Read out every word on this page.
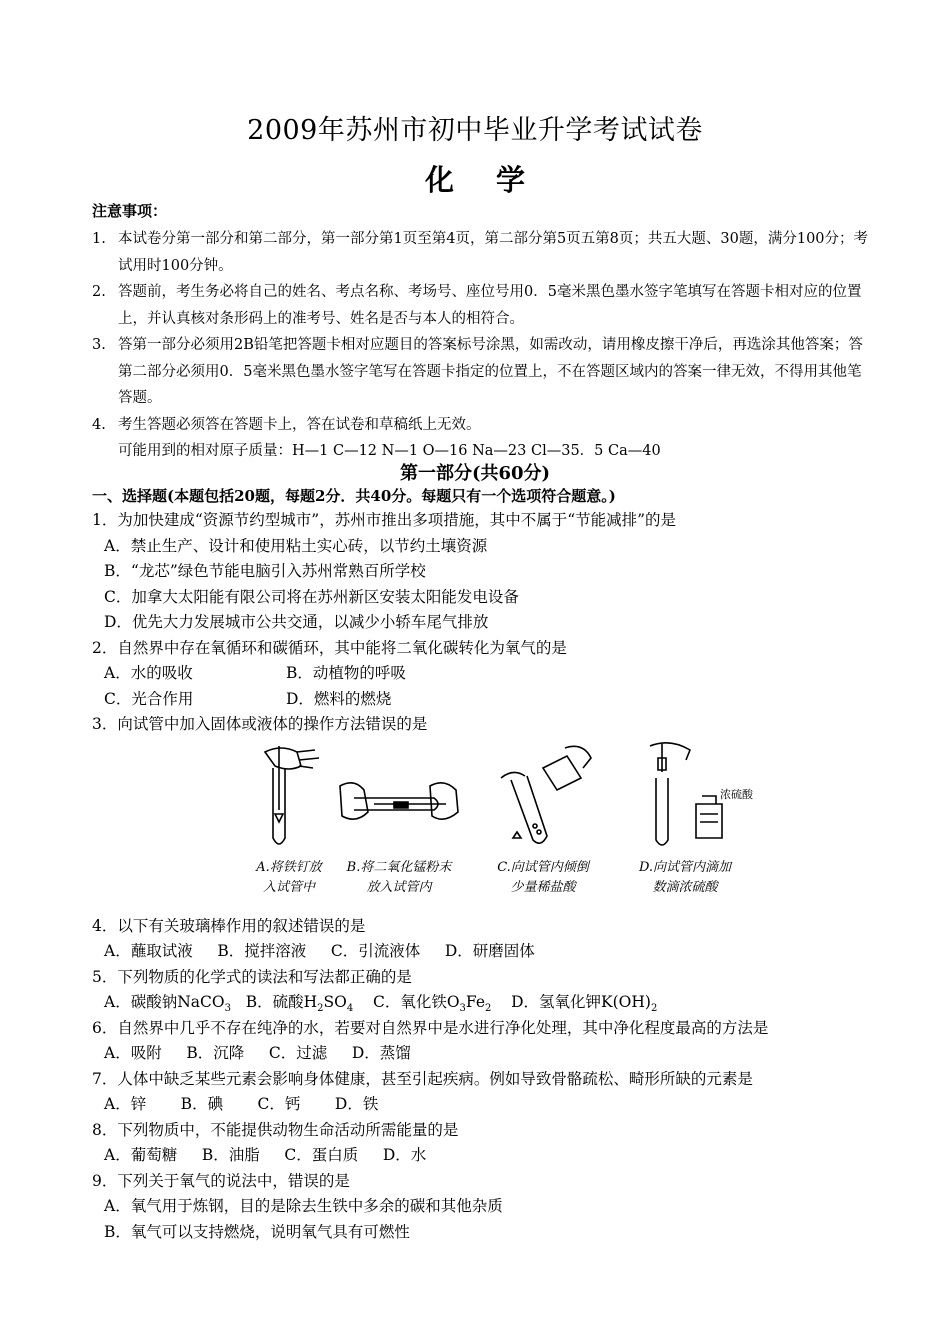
2009年苏州市初中毕业升学考试试卷
化学
注意事项：
1. 本试卷分第一部分和第二部分，第一部分第1页至第4页，第二部分第5页五第8页；共五大题、30题，满分100分；考试用时100分钟。
2. 答题前，考生务必将自己的姓名、考点名称、考场号、座位号用0．5毫米黑色墨水签字笔填写在答题卡相对应的位置上，并认真核对条形码上的准考号、姓名是否与本人的相符合。
3. 答第一部分必须用2B铅笔把答题卡相对应题目的答案标号涂黑，如需改动，请用橡皮擦干净后，再选涂其他答案；答第二部分必须用0．5毫米黑色墨水签字笔写在答题卡指定的位置上，不在答题区域内的答案一律无效，不得用其他笔答题。
4. 考生答题必须答在答题卡上，答在试卷和草稿纸上无效。
可能用到的相对原子质量：H—1 C—12 N—1 O—16 Na—23 Cl—35．5 Ca—40
第一部分(共60分)
一、选择题(本题包括20题，每题2分．共40分。每题只有一个选项符合题意。)
1．为加快建成“资源节约型城市”，苏州市推出多项措施，其中不属于“节能减排”的是
A．禁止生产、设计和使用粘土实心砖，以节约土壤资源
B．“龙芯”绿色节能电脑引入苏州常熟百所学校
C．加拿大太阳能有限公司将在苏州新区安装太阳能发电设备
D．优先大力发展城市公共交通，以减少小轿车尾气排放
2．自然界中存在氧循环和碳循环，其中能将二氧化碳转化为氧气的是
A．水的吸收	B．动植物的呼吸
C．光合作用	D．燃料的燃烧
3．向试管中加入固体或液体的操作方法错误的是
A.将铁钉放
入试管中
B.将二氧化锰粉末
放入试管内
C.向试管内倾倒
少量稀盐酸
浓硫酸
D.向试管内滴加
数滴浓硫酸
4．以下有关玻璃棒作用的叙述错误的是
A．蘸取试液     B．搅拌溶液     C．引流液体     D．研磨固体
5．下列物质的化学式的读法和写法都正确的是
A．碳酸钠NaCO$_3$ B．硫酸$H_2SO_4$ C．氧化铁$O_3Fe_2$ D．氢氧化钾$K(OH)_2$
6．自然界中几乎不存在纯净的水，若要对自然界中是水进行净化处理，其中净化程度最高的方法是
A．吸附     B．沉降     C．过滤     D．蒸馏
7．人体中缺乏某些元素会影响身体健康，甚至引起疾病。例如导致骨骼疏松、畸形所缺的元素是
A．锌       B．碘       C．钙       D．铁
8．下列物质中，不能提供动物生命活动所需能量的是
A．葡萄糖     B．油脂     C．蛋白质     D．水
9．下列关于氧气的说法中，错误的是
A．氧气用于炼钢，目的是除去生铁中多余的碳和其他杂质
B．氧气可以支持燃烧，说明氧气具有可燃性
